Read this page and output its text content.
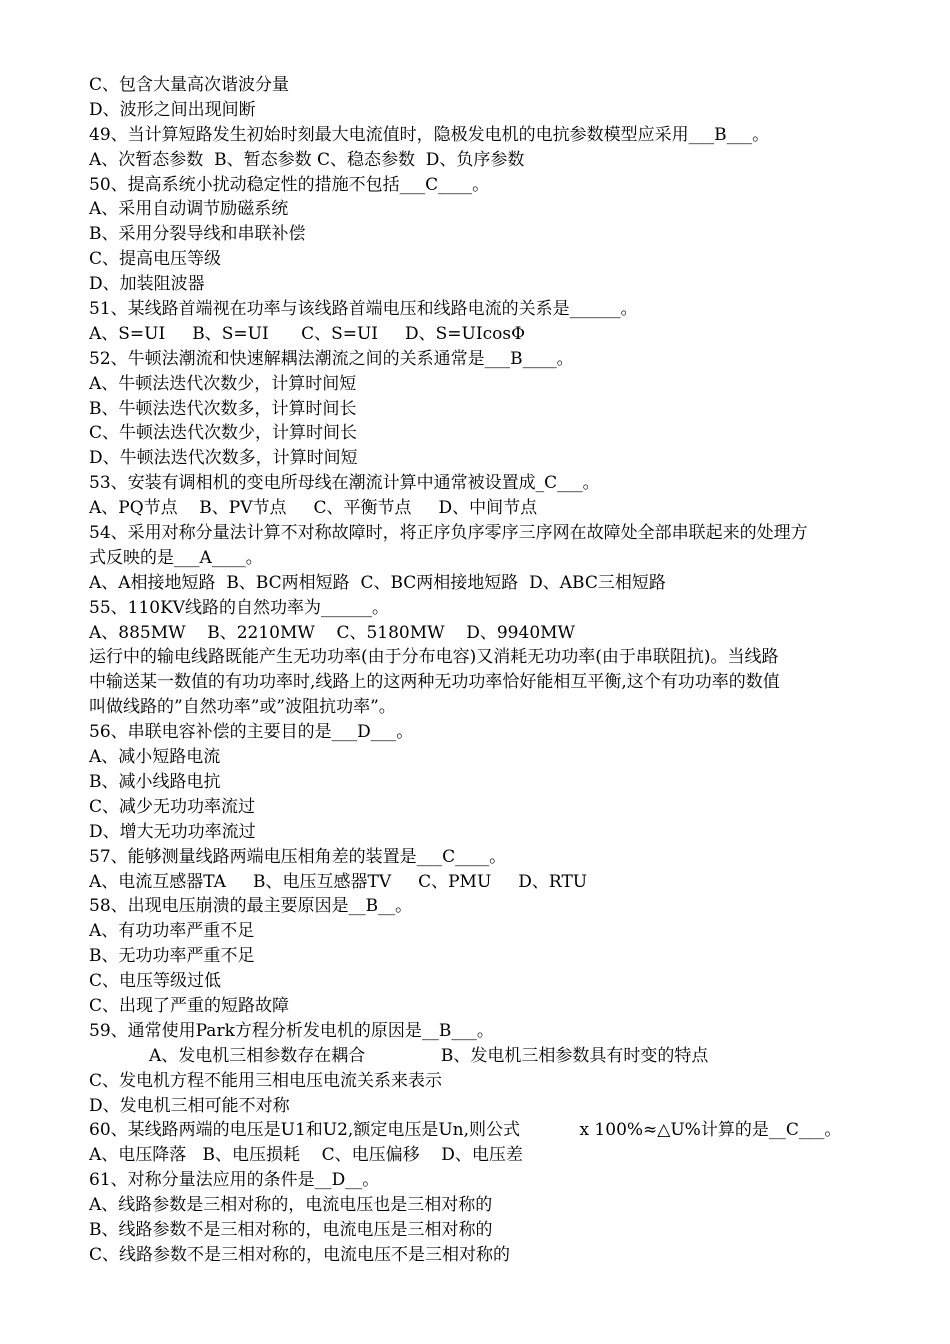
C、包含大量高次谐波分量
D、波形之间出现间断
49、当计算短路发生初始时刻最大电流值时，隐极发电机的电抗参数模型应采用___B___。
A、次暂态参数  B、暂态参数 C、稳态参数  D、负序参数
50、提高系统小扰动稳定性的措施不包括___C____。
A、采用自动调节励磁系统
B、采用分裂导线和串联补偿
C、提高电压等级
D、加装阻波器
51、某线路首端视在功率与该线路首端电压和线路电流的关系是______。
A、S=UI     B、S=UI      C、S=UI     D、S=UIcosΦ
52、牛顿法潮流和快速解耦法潮流之间的关系通常是___B____。
A、牛顿法迭代次数少，计算时间短
B、牛顿法迭代次数多，计算时间长
C、牛顿法迭代次数少，计算时间长
D、牛顿法迭代次数多，计算时间短
53、安装有调相机的变电所母线在潮流计算中通常被设置成_C___。
A、PQ节点    B、PV节点     C、平衡节点     D、中间节点
54、采用对称分量法计算不对称故障时，将正序负序零序三序网在故障处全部串联起来的处理方
式反映的是___A____。
A、A相接地短路  B、BC两相短路  C、BC两相接地短路  D、ABC三相短路
55、110KV线路的自然功率为______。
A、885MW    B、2210MW    C、5180MW    D、9940MW
运行中的输电线路既能产生无功功率(由于分布电容)又消耗无功功率(由于串联阻抗)。当线路
中输送某一数值的有功功率时,线路上的这两种无功功率恰好能相互平衡,这个有功功率的数值
叫做线路的”自然功率”或”波阻抗功率”。
56、串联电容补偿的主要目的是___D___。
A、减小短路电流
B、减小线路电抗
C、减少无功功率流过
D、增大无功功率流过
57、能够测量线路两端电压相角差的装置是___C____。
A、电流互感器TA     B、电压互感器TV     C、PMU     D、RTU
58、出现电压崩溃的最主要原因是__B__。
A、有功功率严重不足
B、无功功率严重不足
C、电压等级过低
C、出现了严重的短路故障
59、通常使用Park方程分析发电机的原因是__B___。
A、发电机三相参数存在耦合              B、发电机三相参数具有时变的特点
C、发电机方程不能用三相电压电流关系来表示
D、发电机三相可能不对称
60、某线路两端的电压是U1和U2,额定电压是Un,则公式           x 100%≈△U%计算的是__C___。
A、电压降落   B、电压损耗    C、电压偏移    D、电压差
61、对称分量法应用的条件是__D__。
A、线路参数是三相对称的，电流电压也是三相对称的
B、线路参数不是三相对称的，电流电压是三相对称的
C、线路参数不是三相对称的，电流电压不是三相对称的
